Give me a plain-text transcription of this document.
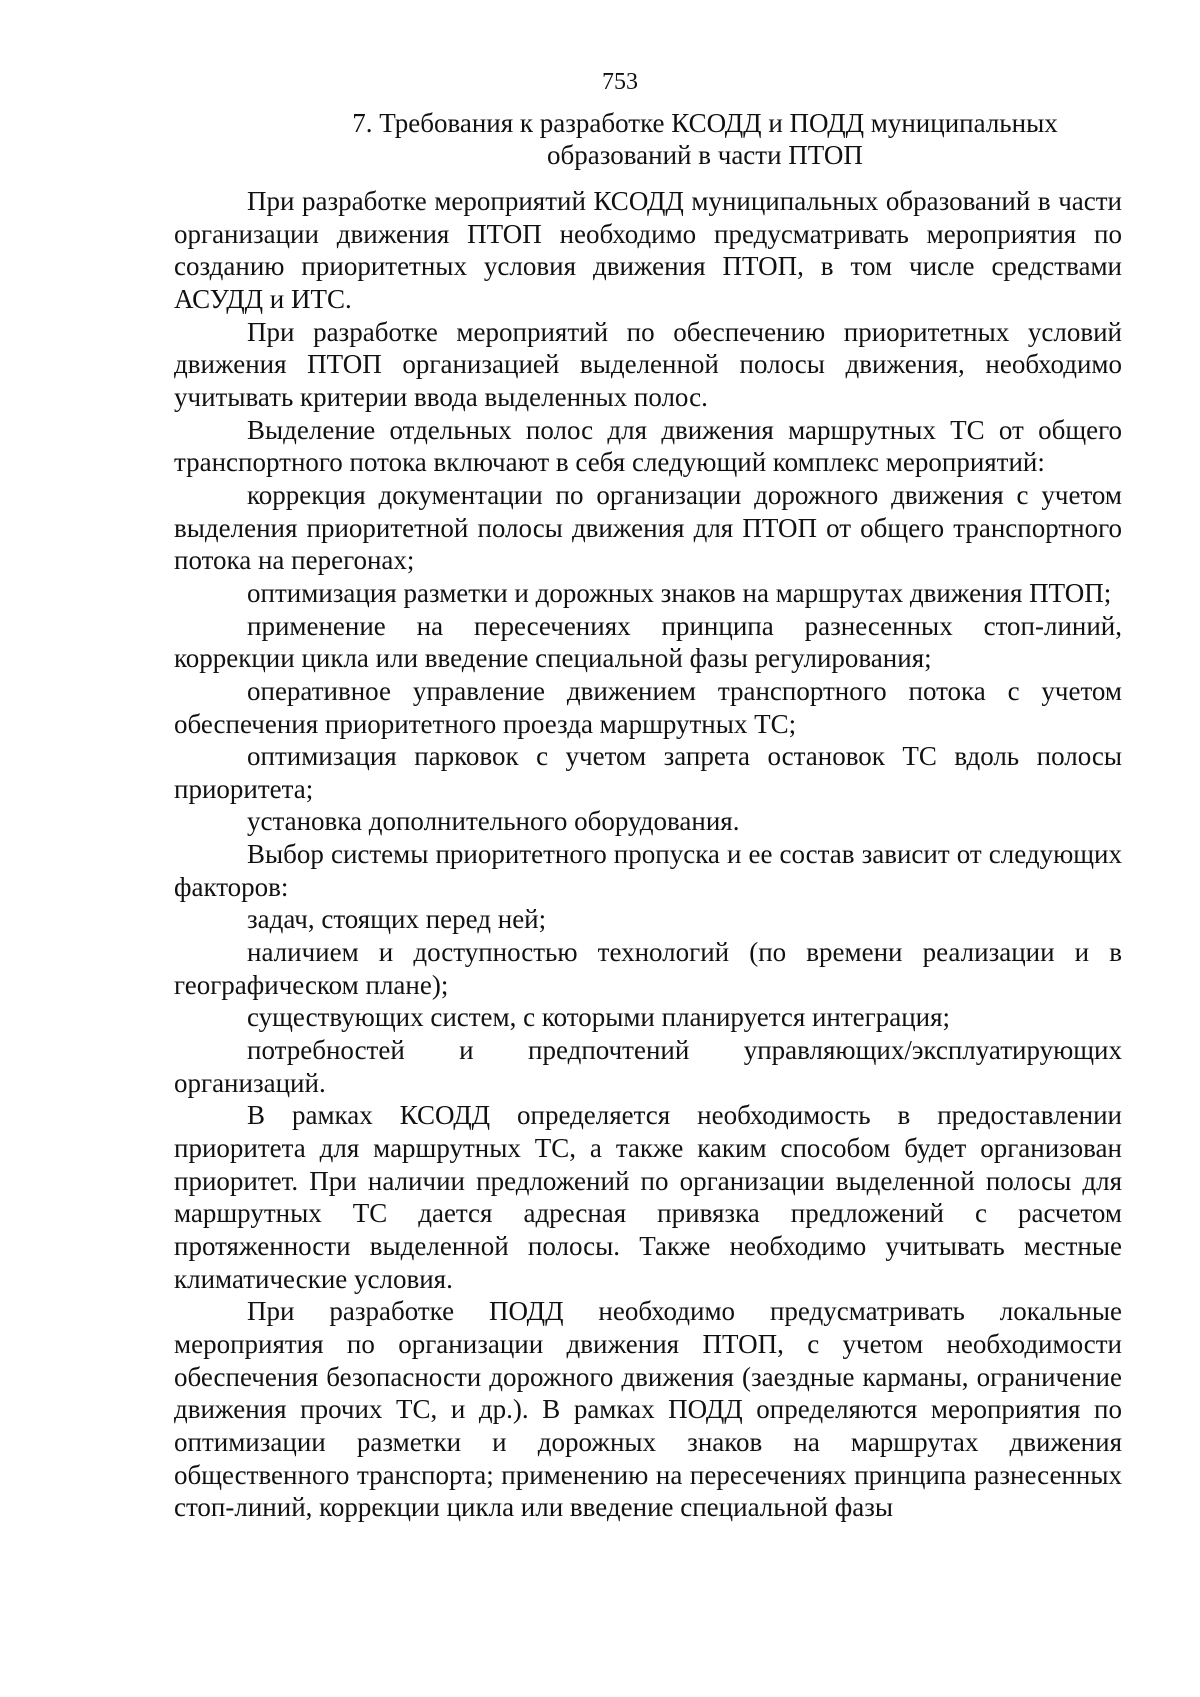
753
7. Требования к разработке КСОДД и ПОДД муниципальных
образований в части ПТОП

При разработке мероприятий КСОДД муниципальных образований в части организации движения ПТОП необходимо предусматривать мероприятия по созданию приоритетных условия движения ПТОП, в том числе средствами АСУДД и ИТС.

При разработке мероприятий по обеспечению приоритетных условий движения ПТОП организацией выделенной полосы движения, необходимо учитывать критерии ввода выделенных полос.

Выделение отдельных полос для движения маршрутных ТС от общего транспортного потока включают в себя следующий комплекс мероприятий:

коррекция документации по организации дорожного движения с учетом выделения приоритетной полосы движения для ПТОП от общего транспортного потока на перегонах;

оптимизация разметки и дорожных знаков на маршрутах движения ПТОП;

применение на пересечениях принципа разнесенных стоп-линий, коррекции цикла или введение специальной фазы регулирования;

оперативное управление движением транспортного потока с учетом обеспечения приоритетного проезда маршрутных ТС;

оптимизация парковок с учетом запрета остановок ТС вдоль полосы приоритета;

установка дополнительного оборудования.

Выбор системы приоритетного пропуска и ее состав зависит от следующих факторов:

задач, стоящих перед ней;

наличием и доступностью технологий (по времени реализации и в географическом плане);

существующих систем, с которыми планируется интеграция;

потребностей и предпочтений управляющих/эксплуатирующих организаций.

В рамках КСОДД определяется необходимость в предоставлении приоритета для маршрутных ТС, а также каким способом будет организован приоритет. При наличии предложений по организации выделенной полосы для маршрутных ТС дается адресная привязка предложений с расчетом протяженности выделенной полосы. Также необходимо учитывать местные климатические условия.

При разработке ПОДД необходимо предусматривать локальные мероприятия по организации движения ПТОП, с учетом необходимости обеспечения безопасности дорожного движения (заездные карманы, ограничение движения прочих ТС, и др.). В рамках ПОДД определяются мероприятия по оптимизации разметки и дорожных знаков на маршрутах движения общественного транспорта; применению на пересечениях принципа разнесенных стоп-линий, коррекции цикла или введение специальной фазы
